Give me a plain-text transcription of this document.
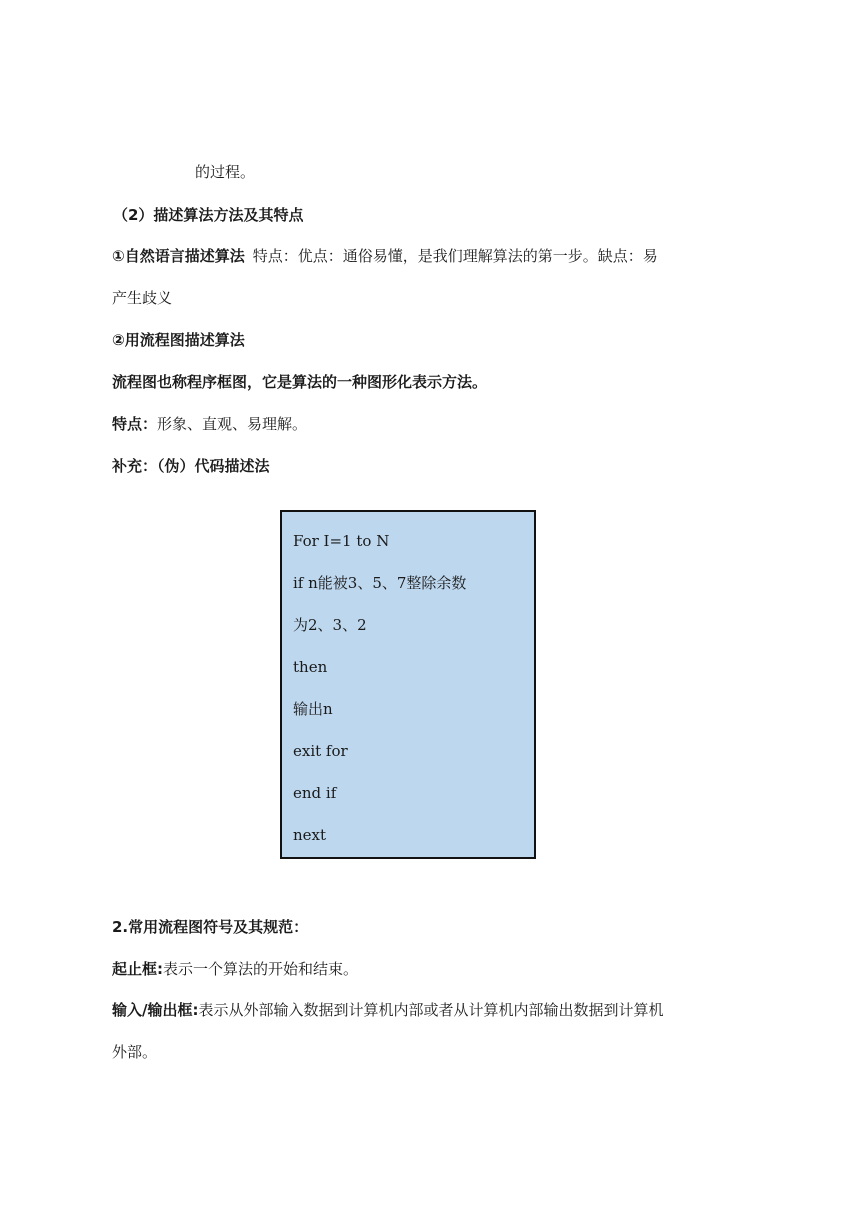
的过程。
（2）描述算法方法及其特点
①自然语言描述算法 特点：优点：通俗易懂，是我们理解算法的第一步。缺点：易
产生歧义
②用流程图描述算法
流程图也称程序框图，它是算法的一种图形化表示方法。
特点：形象、直观、易理解。
补充：（伪）代码描述法
For I=1 to N
if n能被3、5、7整除余数
为2、3、2
then
输出n
exit for
end if
next
2.常用流程图符号及其规范：
起止框:表示一个算法的开始和结束。
输入/输出框:表示从外部输入数据到计算机内部或者从计算机内部输出数据到计算机
外部。
